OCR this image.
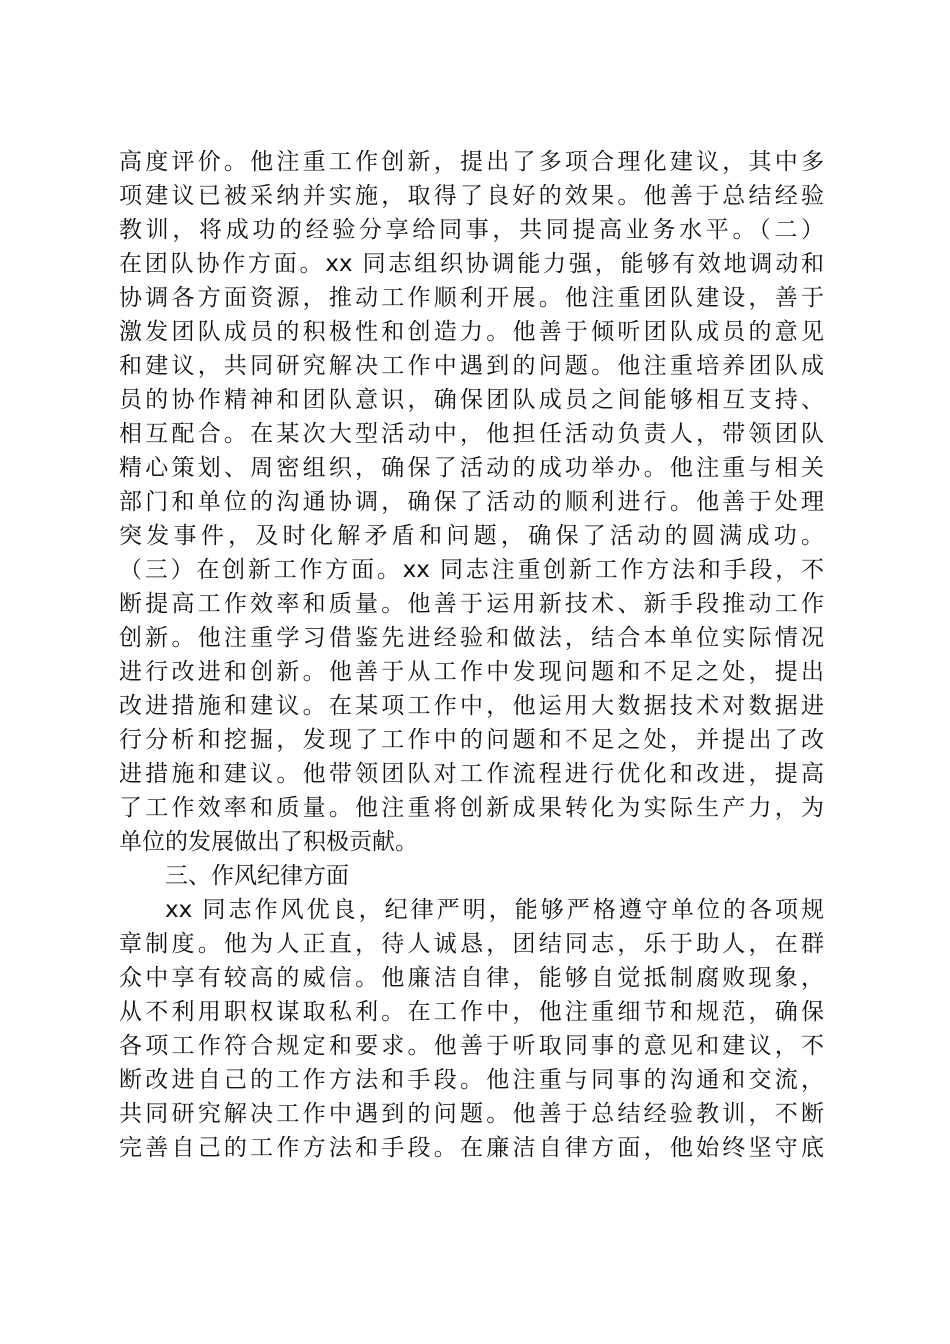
高度评价。他注重工作创新，提出了多项合理化建议，其中多
项建议已被采纳并实施，取得了良好的效果。他善于总结经验
教训，将成功的经验分享给同事，共同提高业务水平。（二）
在团队协作方面。xx 同志组织协调能力强，能够有效地调动和
协调各方面资源，推动工作顺利开展。他注重团队建设，善于
激发团队成员的积极性和创造力。他善于倾听团队成员的意见
和建议，共同研究解决工作中遇到的问题。他注重培养团队成
员的协作精神和团队意识，确保团队成员之间能够相互支持、
相互配合。在某次大型活动中，他担任活动负责人，带领团队
精心策划、周密组织，确保了活动的成功举办。他注重与相关
部门和单位的沟通协调，确保了活动的顺利进行。他善于处理
突发事件，及时化解矛盾和问题，确保了活动的圆满成功。
（三）在创新工作方面。xx 同志注重创新工作方法和手段，不
断提高工作效率和质量。他善于运用新技术、新手段推动工作
创新。他注重学习借鉴先进经验和做法，结合本单位实际情况
进行改进和创新。他善于从工作中发现问题和不足之处，提出
改进措施和建议。在某项工作中，他运用大数据技术对数据进
行分析和挖掘，发现了工作中的问题和不足之处，并提出了改
进措施和建议。他带领团队对工作流程进行优化和改进，提高
了工作效率和质量。他注重将创新成果转化为实际生产力，为
单位的发展做出了积极贡献。
三、作风纪律方面
xx 同志作风优良，纪律严明，能够严格遵守单位的各项规
章制度。他为人正直，待人诚恳，团结同志，乐于助人，在群
众中享有较高的威信。他廉洁自律，能够自觉抵制腐败现象，
从不利用职权谋取私利。在工作中，他注重细节和规范，确保
各项工作符合规定和要求。他善于听取同事的意见和建议，不
断改进自己的工作方法和手段。他注重与同事的沟通和交流，
共同研究解决工作中遇到的问题。他善于总结经验教训，不断
完善自己的工作方法和手段。在廉洁自律方面，他始终坚守底
